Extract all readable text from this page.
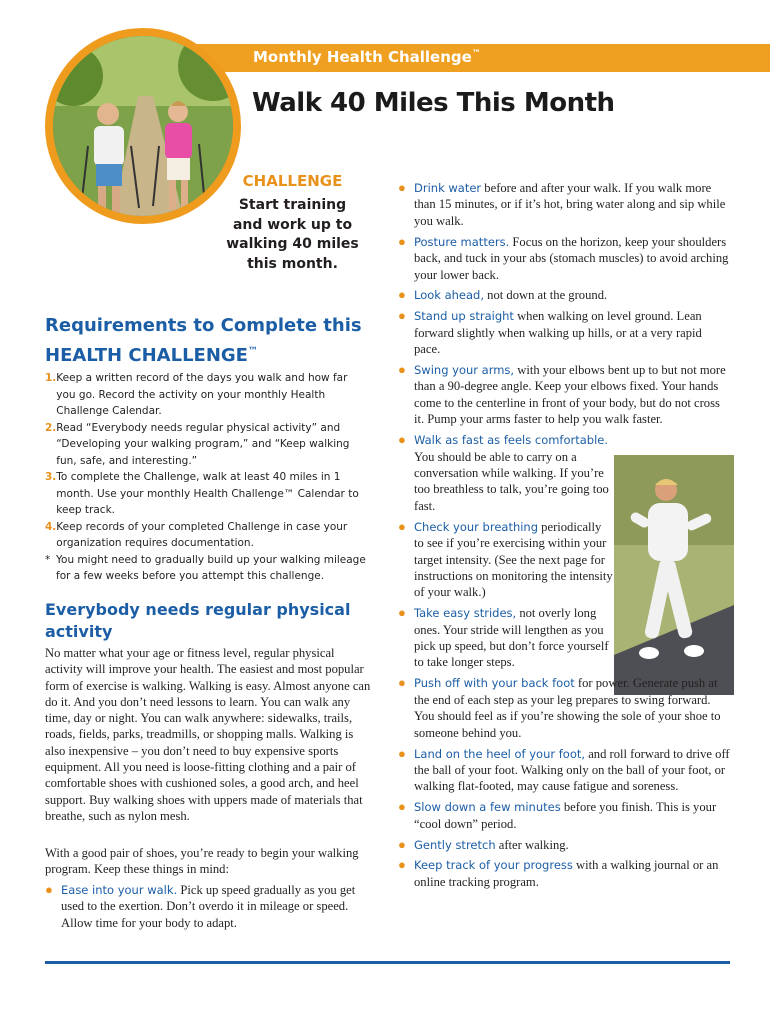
Monthly Health Challenge™
Walk 40 Miles This Month
CHALLENGE
Start training
and work up to
walking 40 miles
this month.
Requirements to Complete this
HEALTH CHALLENGE™
1. Keep a written record of the days you walk and how far you go. Record the activity on your monthly Health Challenge Calendar.
2. Read “Everybody needs regular physical activity” and “Developing your walking program,” and “Keep walking fun, safe, and interesting.”
3. To complete the Challenge, walk at least 40 miles in 1 month. Use your monthly Health Challenge™ Calendar to keep track.
4. Keep records of your completed Challenge in case your organization requires documentation.
* You might need to gradually build up your walking mileage for a few weeks before you attempt this challenge.
Everybody needs regular physical activity
No matter what your age or fitness level, regular physical activity will improve your health. The easiest and most popular form of exercise is walking. Walking is easy. Almost anyone can do it. And you don’t need lessons to learn. You can walk any time, day or night. You can walk anywhere: sidewalks, trails, roads, fields, parks, treadmills, or shopping malls. Walking is also inexpensive – you don’t need to buy expensive sports equipment. All you need is loose-fitting clothing and a pair of comfortable shoes with cushioned soles, a good arch, and heel support. Buy walking shoes with uppers made of materials that breathe, such as nylon mesh.
With a good pair of shoes, you’re ready to begin your walking program. Keep these things in mind:
● Ease into your walk. Pick up speed gradually as you get used to the exertion. Don’t overdo it in mileage or speed. Allow time for your body to adapt.
● Drink water before and after your walk. If you walk more than 15 minutes, or if it’s hot, bring water along and sip while you walk.
● Posture matters. Focus on the horizon, keep your shoulders back, and tuck in your abs (stomach muscles) to avoid arching your lower back.
● Look ahead, not down at the ground.
● Stand up straight when walking on level ground. Lean forward slightly when walking up hills, or at a very rapid pace.
● Swing your arms, with your elbows bent up to but not more than a 90-degree angle. Keep your elbows fixed. Your hands come to the centerline in front of your body, but do not cross it. Pump your arms faster to help you walk faster.
● Walk as fast as feels comfortable. You should be able to carry on a conversation while walking. If you’re too breathless to talk, you’re going too fast.
● Check your breathing periodically to see if you’re exercising within your target intensity. (See the next page for instructions on monitoring the intensity of your walk.)
● Take easy strides, not overly long ones. Your stride will lengthen as you pick up speed, but don’t force yourself to take longer steps.
● Push off with your back foot for power. Generate push at the end of each step as your leg prepares to swing forward. You should feel as if you’re showing the sole of your shoe to someone behind you.
● Land on the heel of your foot, and roll forward to drive off the ball of your foot. Walking only on the ball of your foot, or walking flat-footed, may cause fatigue and soreness.
● Slow down a few minutes before you finish. This is your “cool down” period.
● Gently stretch after walking.
● Keep track of your progress with a walking journal or an online tracking program.
